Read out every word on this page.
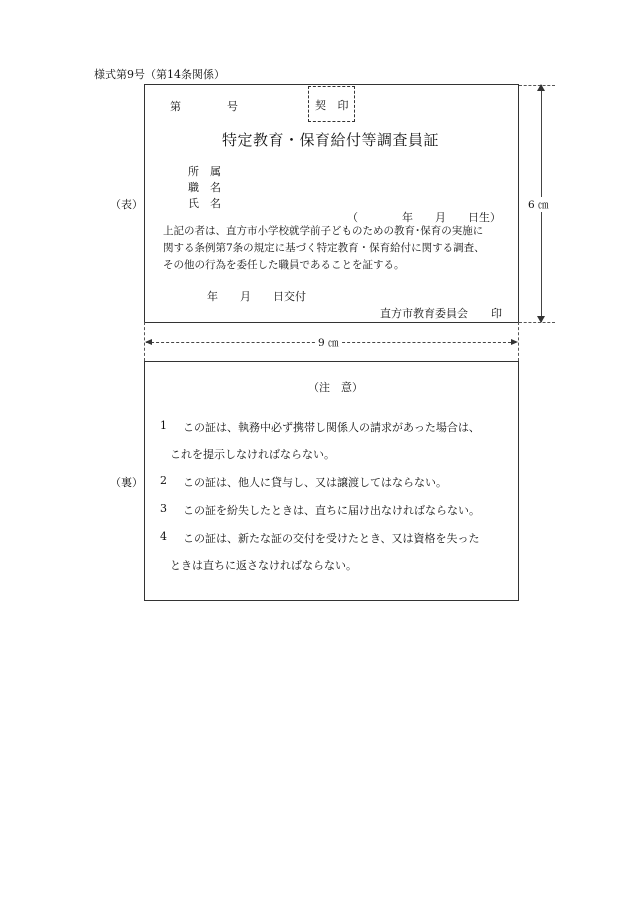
様式第9号（第14条関係）
（表）
第	号	契 印
特定教育・保育給付等調査員証
所　属
職　名
氏　名
（　　　　年　　月　　日生）
上記の者は、直方市小学校就学前子どものための教育･保育の実施に
関する条例第7条の規定に基づく特定教育・保育給付に関する調査、
その他の行為を委任した職員であることを証する。
年　　月　　日交付
直方市教育委員会 印
6 ㎝
9 ㎝
（裏）
（注　意）
1 この証は、執務中必ず携帯し関係人の請求があった場合は、
これを提示しなければならない。
2 この証は、他人に貸与し、又は譲渡してはならない。
3 この証を紛失したときは、直ちに届け出なければならない。
4 この証は、新たな証の交付を受けたとき、又は資格を失った
ときは直ちに返さなければならない。
